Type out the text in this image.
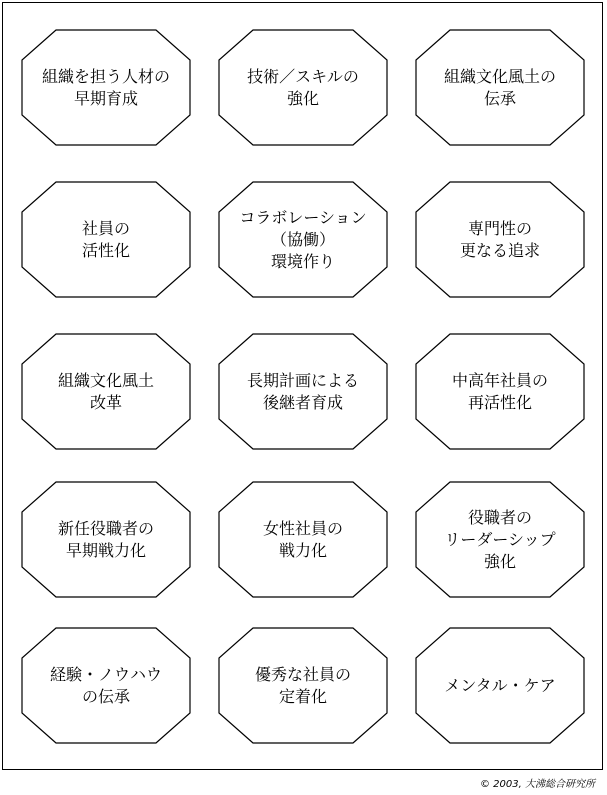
組織を担う人材の
早期育成
技術／スキルの
強化
組織文化風土の
伝承
社員の
活性化
コラボレーション
（協働）
環境作り
専門性の
更なる追求
組織文化風土
改革
長期計画による
後継者育成
中高年社員の
再活性化
新任役職者の
早期戦力化
女性社員の
戦力化
役職者の
リーダーシップ
強化
経験・ノウハウ
の伝承
優秀な社員の
定着化
メンタル・ケア
© 2003, 大沸総合研究所
